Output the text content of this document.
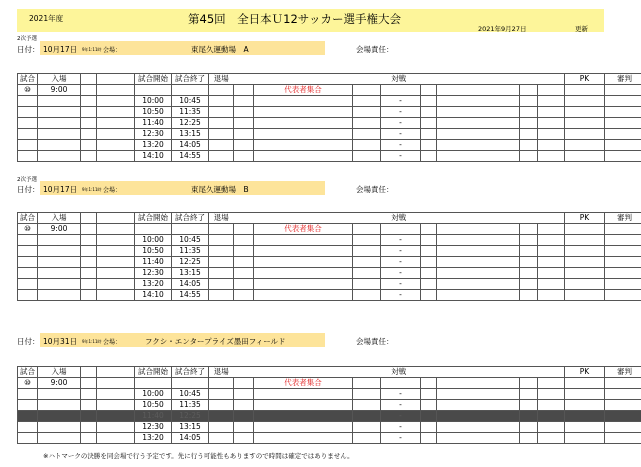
2021年度	第45回　全日本Ｕ12サッカー選手権大会
2021年9月27日	更新
2次予選
日付： 10月17日 9年1:11時 会場：	東尾久運動場　A	会場責任：
試合	入場			試合開始	試合終了	退場	対戦								PK	審判
⑩	9:00							代表者集合								
				10:00	10:45					-						
				10:50	11:35					-						
				11:40	12:25					-						
				12:30	13:15					-						
				13:20	14:05					-						
				14:10	14:55					-						
2次予選
日付： 10月17日 9年1:11時 会場：	東尾久運動場　B	会場責任：
試合	入場			試合開始	試合終了	退場	対戦								PK	審判
⑩	9:00							代表者集合								
				10:00	10:45					-						
				10:50	11:35					-						
				11:40	12:25					-						
				12:30	13:15					-						
				13:20	14:05					-						
				14:10	14:55					-						
日付： 10月31日 9年1:11時 会場：	フクシ・エンタープライズ墨田フィールド	会場責任：
試合	入場			試合開始	試合終了	退場	対戦								PK	審判
⑩	9:00							代表者集合								
				10:00	10:45					-						
				10:50	11:35					-						
				11:40	12:25					-						
				12:30	13:15					-						
				13:20	14:05					-						
※ハトマークの決勝を同会場で行う予定です。先に行う可能性もありますので時間は確定ではありません。
